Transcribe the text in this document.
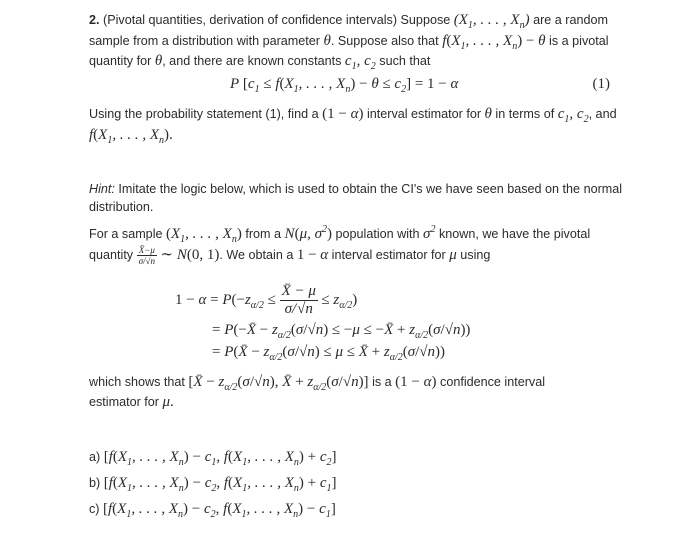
2. (Pivotal quantities, derivation of confidence intervals) Suppose ($X_1$, . . . , $X_n$) are a random
sample from a distribution with parameter θ. Suppose also that $f(X_1$, . . . , $X_n) - \theta$ is a pivotal
quantity for θ, and there are known constants $c_1$, $c_2$ such that
P [$c_1 \le f(X_1$, . . . , $X_n) - \theta \le c_2] = 1 - \alpha$	(1)
Using the probability statement (1), find a (1 − α) interval estimator for θ in terms of $c_1$, $c_2$, and
$f(X_1$, . . . , $X_n$).
Hint: Imitate the logic below, which is used to obtain the CI's we have seen based on the normal
distribution.
For a sample ($X_1$, . . . , $X_n$) from a N(μ, $\sigma^2$) population with $\sigma^2$ known, we have the pivotal
quantity $\frac{X̄-\mu}{\sigma/√n}$ ∼ N(0, 1). We obtain a 1 − α interval estimator for μ using
$1 - \alpha = P(-z_{\alpha/2} \le \frac{X̄ - \mu}{\sigma/√n} \le z_{\alpha/2})$
= P(−X̄ − $z_{\alpha/2}(\sigma/√n) \le -\mu$ ≤ −X̄ + $z_{\alpha/2}(\sigma/√n)$)
= P(X̄ − $z_{\alpha/2}(\sigma/√n) \le \mu$ ≤ X̄ + $z_{\alpha/2}(\sigma/√n)$)
which shows that [X̄ − $z_{\alpha/2}(\sigma/√n)$, X̄ + $z_{\alpha/2}(\sigma/√n)$] is a (1 − α) confidence interval
estimator for μ.
a) [$f(X_1$, . . . , $X_n) - c_1$, $f(X_1$, . . . , $X_n) + c_2$]
b) [$f(X_1$, . . . , $X_n) - c_2$, $f(X_1$, . . . , $X_n) + c_1$]
c) [$f(X_1$, . . . , $X_n) - c_2$, $f(X_1$, . . . , $X_n) - c_1$]
